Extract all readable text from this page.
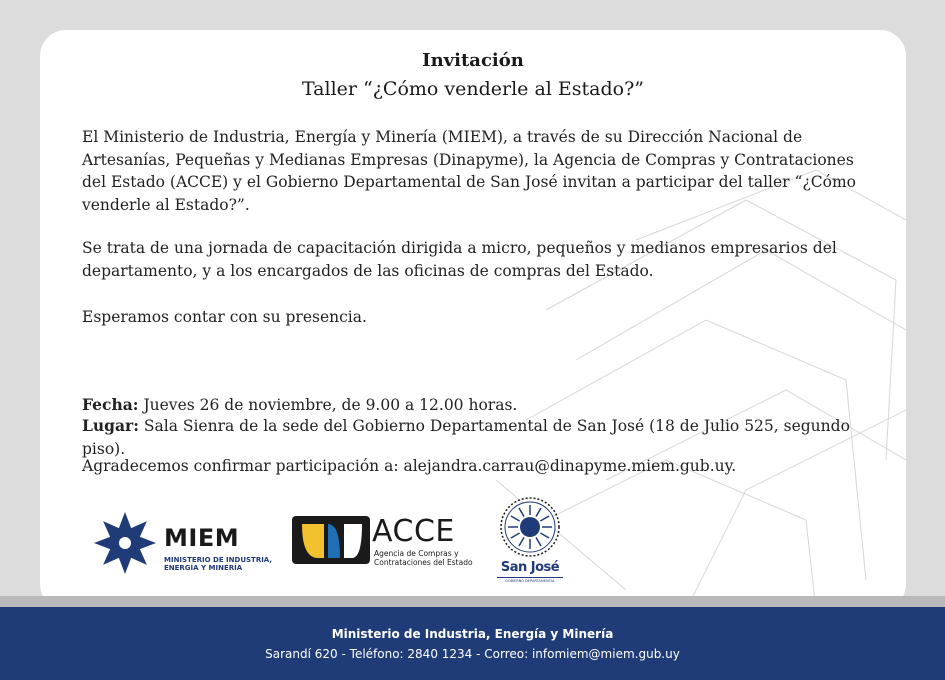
Invitación
Taller “¿Cómo venderle al Estado?”
El Ministerio de Industria, Energía y Minería (MIEM), a través de su Dirección Nacional de Artesanías, Pequeñas y Medianas Empresas (Dinapyme), la Agencia de Compras y Contrataciones del Estado (ACCE) y el Gobierno Departamental de San José invitan a participar del taller “¿Cómo venderle al Estado?”.
Se trata de una jornada de capacitación dirigida a micro, pequeños y medianos empresarios del departamento, y a los encargados de las oficinas de compras del Estado.
Esperamos contar con su presencia.
Fecha: Jueves 26 de noviembre, de 9.00 a 12.00 horas.
Lugar: Sala Sienra de la sede del Gobierno Departamental de San José (18 de Julio 525, segundo piso).
Agradecemos confirmar participación a: alejandra.carrau@dinapyme.miem.gub.uy.
MIEM
MINISTERIO DE INDUSTRIA, ENERGÍA Y MINERÍA
ACCE
Agencia de Compras y Contrataciones del Estado	San José
GOBIERNO DEPARTAMENTAL
Ministerio de Industria, Energía y Minería
Sarandí 620 - Teléfono: 2840 1234 - Correo: infomiem@miem.gub.uy
